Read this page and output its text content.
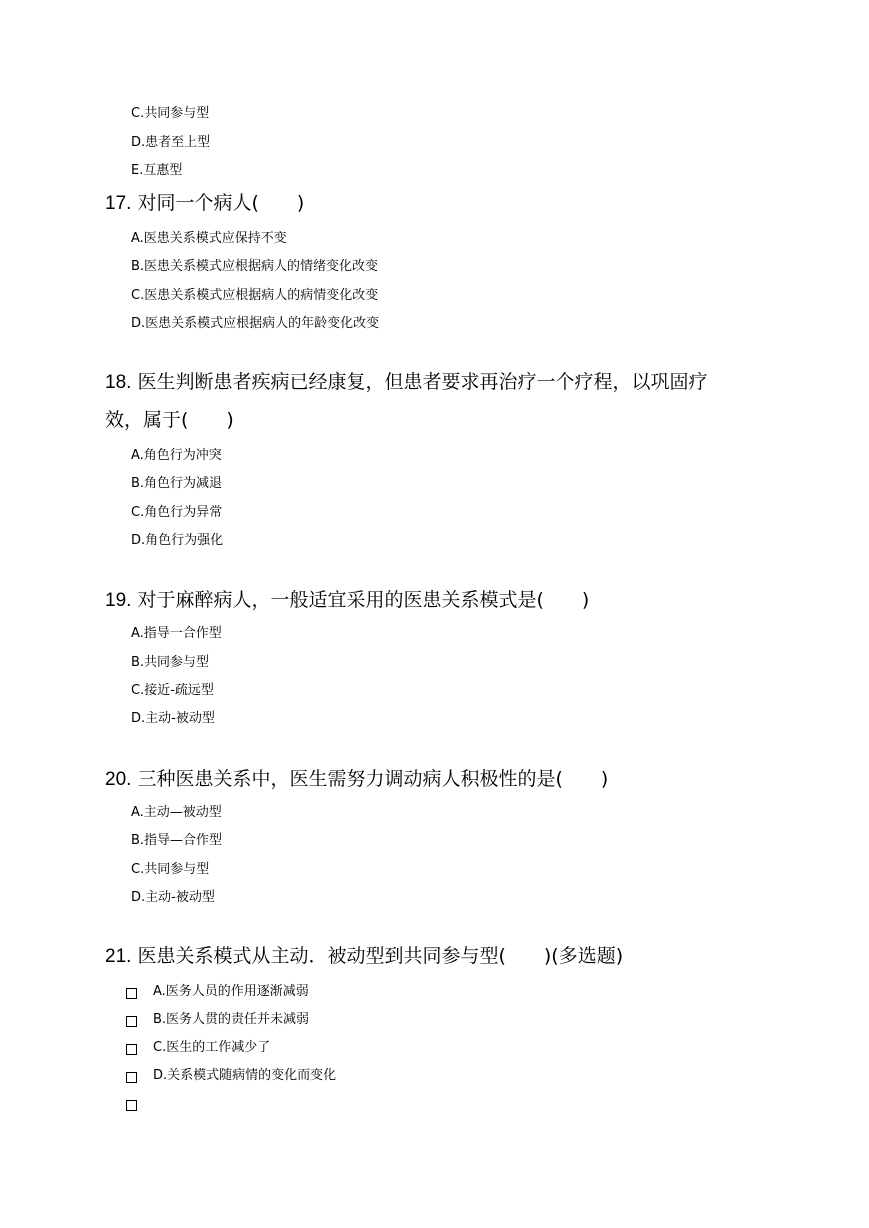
C.共同参与型
D.患者至上型
E.互惠型
17. 对同一个病人(　　)
A.医患关系模式应保持不变
B.医患关系模式应根据病人的情绪变化改变
C.医患关系模式应根据病人的病情变化改变
D.医患关系模式应根据病人的年龄变化改变
18. 医生判断患者疾病已经康复，但患者要求再治疗一个疗程，以巩固疗
效，属于(　　)
A.角色行为冲突
B.角色行为减退
C.角色行为异常
D.角色行为强化
19. 对于麻醉病人，一般适宜采用的医患关系模式是(　　)
A.指导一合作型
B.共同参与型
C.接近-疏远型
D.主动-被动型
20. 三种医患关系中，医生需努力调动病人积极性的是(　　)
A.主动—被动型
B.指导—合作型
C.共同参与型
D.主动-被动型
21. 医患关系模式从主动．被动型到共同参与型(　　)(多选题)
A.医务人员的作用逐渐减弱
B.医务人贯的责任并未减弱
C.医生的工作减少了
D.关系模式随病情的变化而变化
